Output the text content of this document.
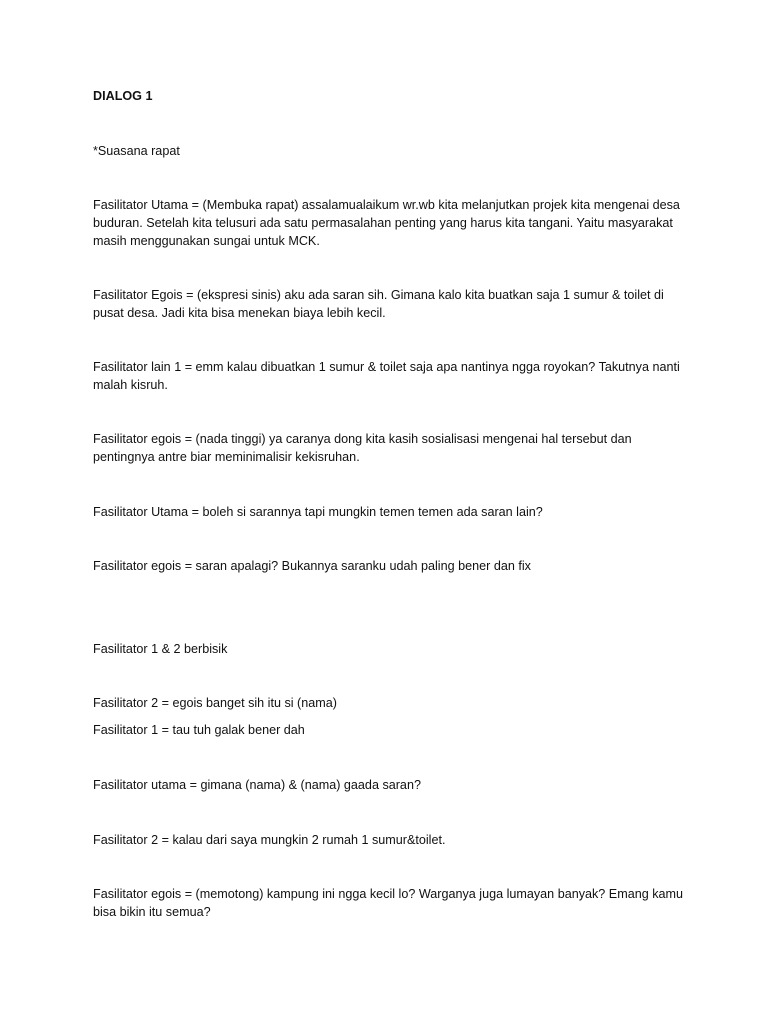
DIALOG 1

*Suasana rapat

Fasilitator Utama = (Membuka rapat) assalamualaikum wr.wb kita melanjutkan projek kita mengenai desa buduran. Setelah kita telusuri ada satu permasalahan penting yang harus kita tangani. Yaitu masyarakat masih menggunakan sungai untuk MCK.

Fasilitator Egois = (ekspresi sinis) aku ada saran sih. Gimana kalo kita buatkan saja 1 sumur & toilet di pusat desa. Jadi kita bisa menekan biaya lebih kecil.

Fasilitator lain 1 = emm kalau dibuatkan 1 sumur & toilet saja apa nantinya ngga royokan? Takutnya nanti malah kisruh.

Fasilitator egois = (nada tinggi) ya caranya dong kita kasih sosialisasi mengenai hal tersebut dan pentingnya antre biar meminimalisir kekisruhan.

Fasilitator Utama = boleh si sarannya tapi mungkin temen temen ada saran lain?

Fasilitator egois = saran apalagi? Bukannya saranku udah paling bener dan fix

Fasilitator 1 & 2 berbisik

Fasilitator 2 = egois banget sih itu si (nama)

Fasilitator 1 = tau tuh galak bener dah

Fasilitator utama = gimana (nama) & (nama) gaada saran?

Fasilitator 2 = kalau dari saya mungkin 2 rumah 1 sumur&toilet.

Fasilitator egois = (memotong) kampung ini ngga kecil lo? Warganya juga lumayan banyak? Emang kamu bisa bikin itu semua?
